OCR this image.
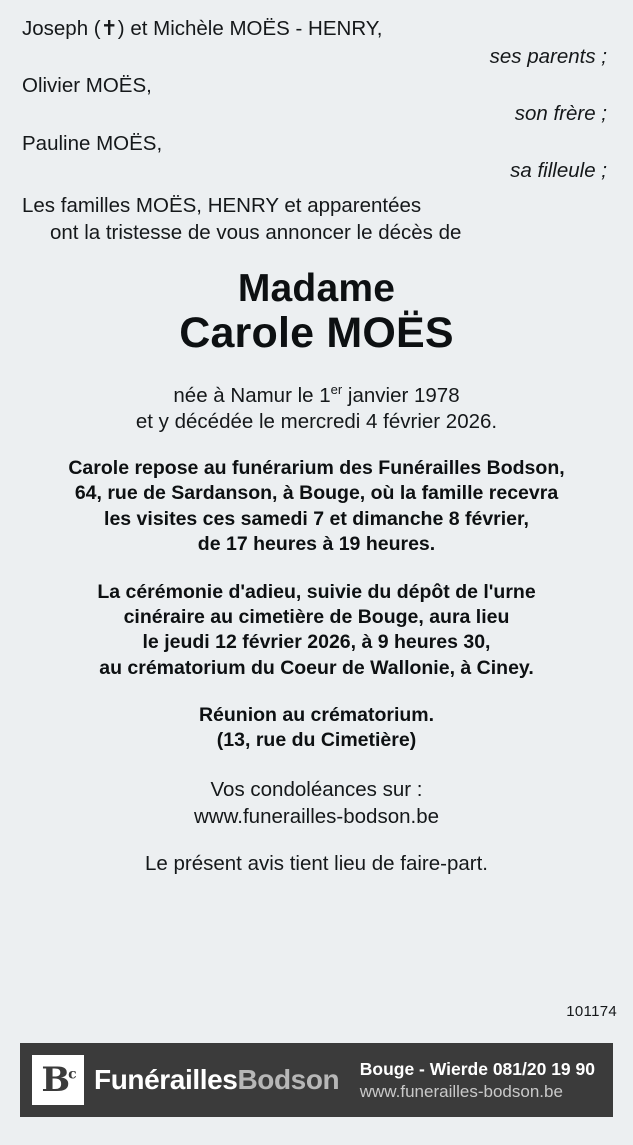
Joseph (✝) et Michèle MOËS - HENRY,

ses parents ;

Olivier MOËS,

son frère ;

Pauline MOËS,

sa filleule ;

Les familles MOËS, HENRY et apparentées
ont la tristesse de vous annoncer le décès de
Madame
Carole MOËS
née à Namur le 1er janvier 1978
et y décédée le mercredi 4 février 2026.
Carole repose au funérarium des Funérailles Bodson,
64, rue de Sardanson, à Bouge, où la famille recevra
les visites ces samedi 7 et dimanche 8 février,
de 17 heures à 19 heures.
La cérémonie d'adieu, suivie du dépôt de l'urne
cinéraire au cimetière de Bouge, aura lieu
le jeudi 12 février 2026, à 9 heures 30,
au crématorium du Coeur de Wallonie, à Ciney.
Réunion au crématorium.
(13, rue du Cimetière)
Vos condoléances sur :
www.funerailles-bodson.be
Le présent avis tient lieu de faire-part.
101174
$B^c$ FunéraillesBodson Bouge - Wierde 081/20 19 90
www.funerailles-bodson.be
